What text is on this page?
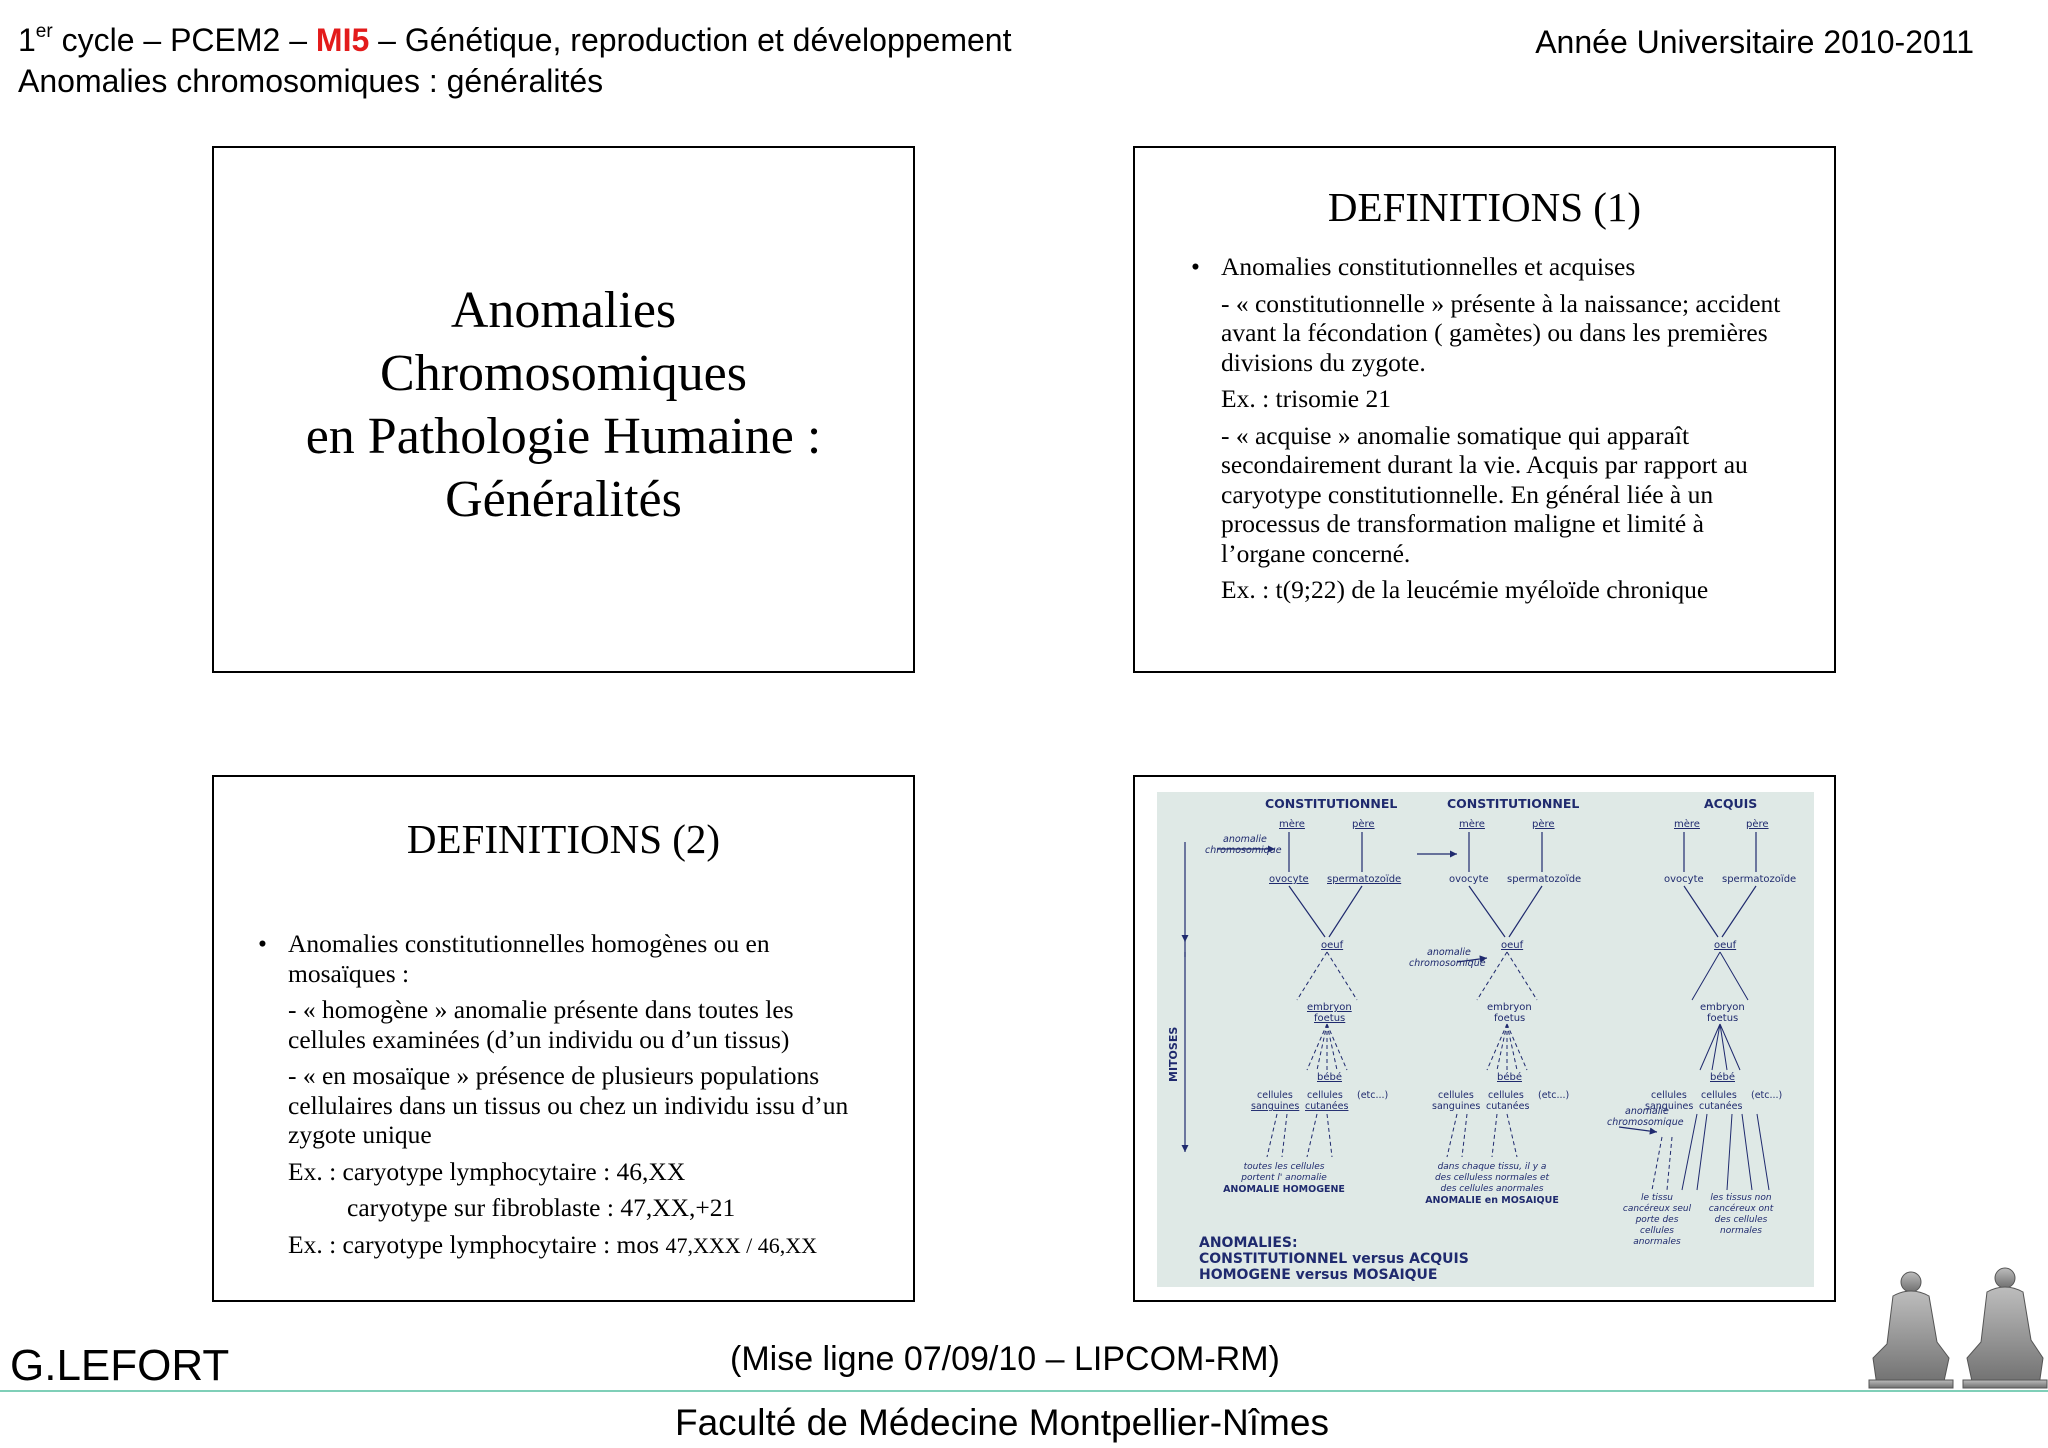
1er cycle – PCEM2 – MI5 – Génétique, reproduction et développement
Anomalies chromosomiques : généralités
Année Universitaire 2010-2011
Anomalies
Chromosomiques
en Pathologie Humaine :
Généralités
DEFINITIONS (1)
• Anomalies constitutionnelles et acquises
- « constitutionnelle » présente à la naissance; accident avant la fécondation ( gamètes) ou dans les premières divisions du zygote.
Ex. : trisomie 21
- « acquise » anomalie somatique qui apparaît secondairement durant la vie. Acquis par rapport au caryotype constitutionnelle. En général liée à un processus de transformation maligne et limité à l’organe concerné.
Ex. : t(9;22) de la leucémie myéloïde chronique
DEFINITIONS (2)
• Anomalies constitutionnelles homogènes ou en mosaïques :
- « homogène » anomalie présente dans toutes les cellules examinées (d’un individu ou d’un tissus)
- « en mosaïque » présence de plusieurs populations cellulaires dans un tissus ou chez un individu issu d’un zygote unique
Ex. : caryotype lymphocytaire : 46,XX
caryotype sur fibroblaste : 47,XX,+21
Ex. : caryotype lymphocytaire : mos 47,XXX / 46,XX
CONSTITUTIONNEL	CONSTITUTIONNEL	ACQUIS
mère	père	mère	père	mère	père
anomalie
chromosomique
anomalie
chromosomique
anomalie
chromosomique
ovocyte spermatozoïde	ovocyte spermatozoïde	ovocyte spermatozoïde
oeuf	oeuf	oeuf
embryon
foetus
embryon
foetus
embryon
foetus
bébé	bébé	bébé
cellules
sanguines
cellules
cutanées
(etc...)	cellules
sanguines
cellules
cutanées
(etc...)	cellules
sanguines
cellules
cutanées
(etc...)
toutes les cellules
portent l' anomalie
dans chaque tissu, il y a
des celluless normales et
des cellules anormales
le tissu
cancéreux seul
porte des
cellules
anormales
les tissus non
cancéreux ont
des cellules
normales
ANOMALIE HOMOGENE
ANOMALIE en MOSAIQUE
ANOMALIES:
CONSTITUTIONNEL versus ACQUIS
HOMOGENE versus MOSAIQUE
MITOSES
G.LEFORT	(Mise ligne 07/09/10 – LIPCOM-RM)
Faculté de Médecine Montpellier-Nîmes
